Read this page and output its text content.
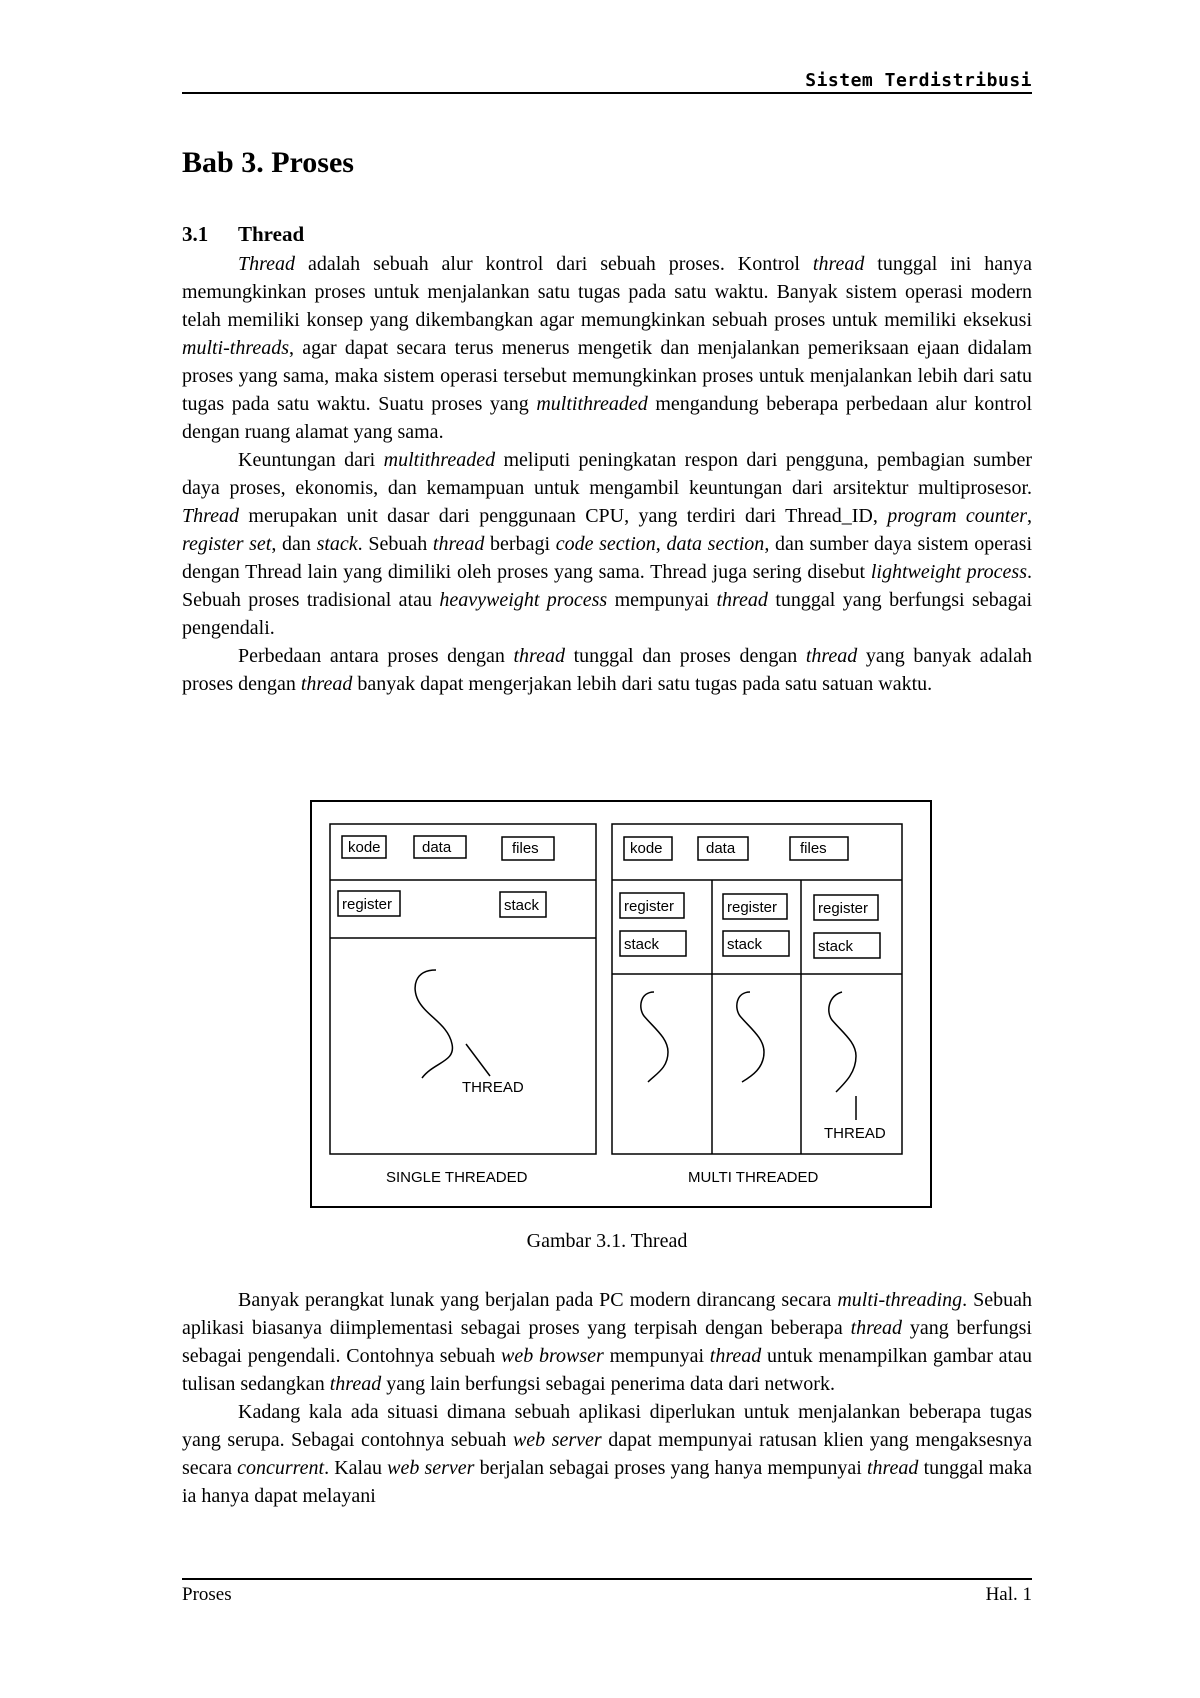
Sistem Terdistribusi
Bab 3. Proses
3.1 Thread

Thread adalah sebuah alur kontrol dari sebuah proses. Kontrol thread tunggal ini hanya memungkinkan proses untuk menjalankan satu tugas pada satu waktu. Banyak sistem operasi modern telah memiliki konsep yang dikembangkan agar memungkinkan sebuah proses untuk memiliki eksekusi multi-threads, agar dapat secara terus menerus mengetik dan menjalankan pemeriksaan ejaan didalam proses yang sama, maka sistem operasi tersebut memungkinkan proses untuk menjalankan lebih dari satu tugas pada satu waktu. Suatu proses yang multithreaded mengandung beberapa perbedaan alur kontrol dengan ruang alamat yang sama.

Keuntungan dari multithreaded meliputi peningkatan respon dari pengguna, pembagian sumber daya proses, ekonomis, dan kemampuan untuk mengambil keuntungan dari arsitektur multiprosesor. Thread merupakan unit dasar dari penggunaan CPU, yang terdiri dari Thread_ID, program counter, register set, dan stack. Sebuah thread berbagi code section, data section, dan sumber daya sistem operasi dengan Thread lain yang dimiliki oleh proses yang sama. Thread juga sering disebut lightweight process. Sebuah proses tradisional atau heavyweight process mempunyai thread tunggal yang berfungsi sebagai pengendali.

Perbedaan antara proses dengan thread tunggal dan proses dengan thread yang banyak adalah proses dengan thread banyak dapat mengerjakan lebih dari satu tugas pada satu satuan waktu.

kode	data	files
register	stack
THREAD
SINGLE THREADED
kode	data	files
register	register	register
stack	stack	stack
THREAD
MULTI THREADED
Gambar 3.1. Thread

Banyak perangkat lunak yang berjalan pada PC modern dirancang secara multi-threading. Sebuah aplikasi biasanya diimplementasi sebagai proses yang terpisah dengan beberapa thread yang berfungsi sebagai pengendali. Contohnya sebuah web browser mempunyai thread untuk menampilkan gambar atau tulisan sedangkan thread yang lain berfungsi sebagai penerima data dari network.

Kadang kala ada situasi dimana sebuah aplikasi diperlukan untuk menjalankan beberapa tugas yang serupa. Sebagai contohnya sebuah web server dapat mempunyai ratusan klien yang mengaksesnya secara concurrent. Kalau web server berjalan sebagai proses yang hanya mempunyai thread tunggal maka ia hanya dapat melayani

Proses	Hal. 1
